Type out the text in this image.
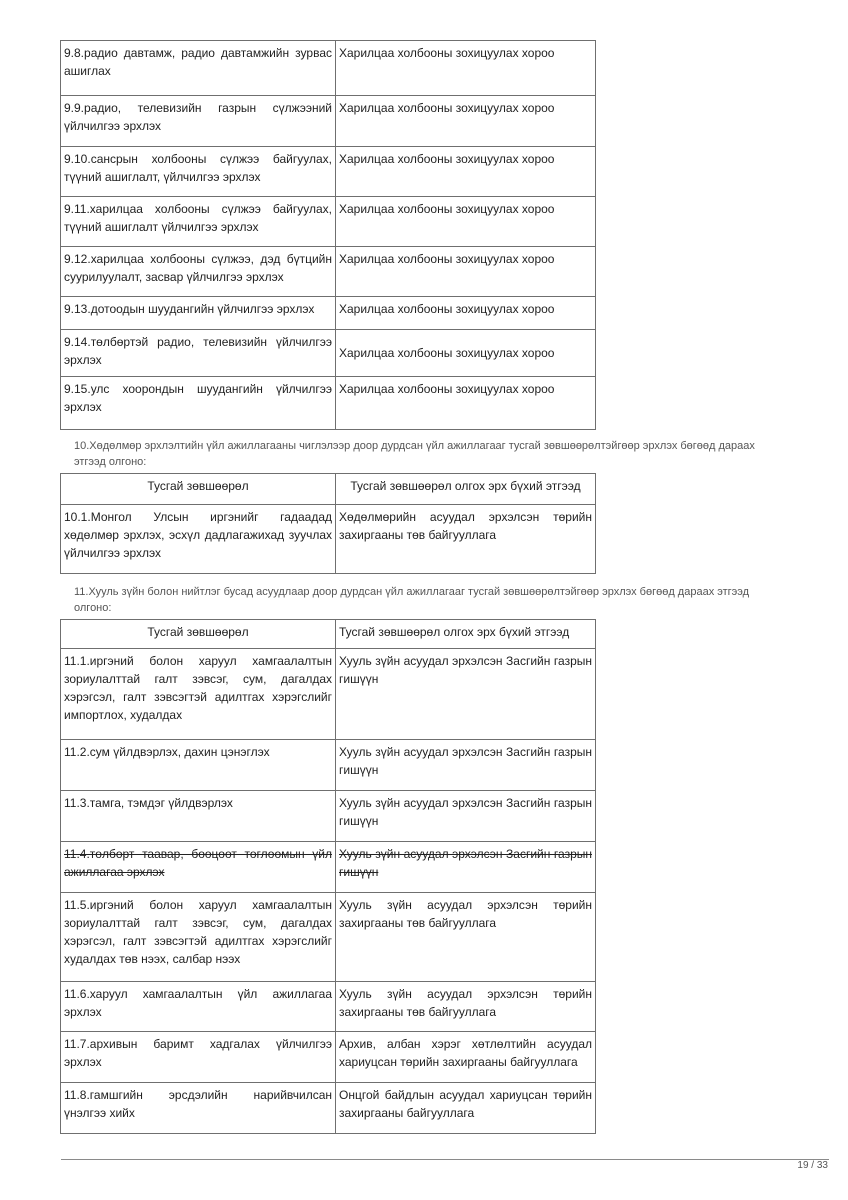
9.8.радио давтамж, радио давтамжийн зурвас ашиглах	Харилцаа холбооны зохицуулах хороо
9.9.радио, телевизийн газрын сүлжээний үйлчилгээ эрхлэх	Харилцаа холбооны зохицуулах хороо
9.10.сансрын холбооны сүлжээ байгуулах, түүний ашиглалт, үйлчилгээ эрхлэх	Харилцаа холбооны зохицуулах хороо
9.11.харилцаа холбооны сүлжээ байгуулах, түүний ашиглалт үйлчилгээ эрхлэх	Харилцаа холбооны зохицуулах хороо
9.12.харилцаа холбооны сүлжээ, дэд бүтцийн суурилуулалт, засвар үйлчилгээ эрхлэх	Харилцаа холбооны зохицуулах хороо
9.13.дотоодын шуудангийн үйлчилгээ эрхлэх	Харилцаа холбооны зохицуулах хороо
9.14.төлбөртэй радио, телевизийн үйлчилгээ эрхлэх	Харилцаа холбооны зохицуулах хороо
9.15.улс хоорондын шуудангийн үйлчилгээ эрхлэх	Харилцаа холбооны зохицуулах хороо
10.Хөдөлмөр эрхлэлтийн үйл ажиллагааны чиглэлээр доор дурдсан үйл ажиллагааг тусгай зөвшөөрөлтэйгөөр эрхлэх бөгөөд дараах этгээд олгоно:
Тусгай зөвшөөрөл	Тусгай зөвшөөрөл олгох эрх бүхий этгээд
10.1.Монгол Улсын иргэнийг гадаадад хөдөлмөр эрхлэх, эсхүл дадлагажихад зуучлах үйлчилгээ эрхлэх	Хөдөлмөрийн асуудал эрхэлсэн төрийн захиргааны төв байгууллага
11.Хууль зүйн болон нийтлэг бусад асуудлаар доор дурдсан үйл ажиллагааг тусгай зөвшөөрөлтэйгөөр эрхлэх бөгөөд дараах этгээд олгоно:
Тусгай зөвшөөрөл	Тусгай зөвшөөрөл олгох эрх бүхий этгээд
11.1.иргэний болон харуул хамгаалалтын зориулалттай галт зэвсэг, сум, дагалдах хэрэгсэл, галт зэвсэгтэй адилтгах хэрэгслийг импортлох, худалдах	Хууль зүйн асуудал эрхэлсэн Засгийн газрын гишүүн
11.2.сум үйлдвэрлэх, дахин цэнэглэх	Хууль зүйн асуудал эрхэлсэн Засгийн газрын гишүүн
11.3.тамга, тэмдэг үйлдвэрлэх	Хууль зүйн асуудал эрхэлсэн Засгийн газрын гишүүн
11.4.төлбөрт таавар, бооцоот тоглоомын үйл ажиллагаа эрхлэх	Хууль зүйн асуудал эрхэлсэн Засгийн газрын гишүүн
11.5.иргэний болон харуул хамгаалалтын зориулалттай галт зэвсэг, сум, дагалдах хэрэгсэл, галт зэвсэгтэй адилтгах хэрэгслийг худалдах төв нээх, салбар нээх	Хууль зүйн асуудал эрхэлсэн төрийн захиргааны төв байгууллага
11.6.харуул хамгаалалтын үйл ажиллагаа эрхлэх	Хууль зүйн асуудал эрхэлсэн төрийн захиргааны төв байгууллага
11.7.архивын баримт хадгалах үйлчилгээ эрхлэх	Архив, албан хэрэг хөтлөлтийн асуудал хариуцсан төрийн захиргааны байгууллага
11.8.гамшгийн эрсдэлийн нарийвчилсан үнэлгээ хийх	Онцгой байдлын асуудал хариуцсан төрийн захиргааны байгууллага
19 / 33
